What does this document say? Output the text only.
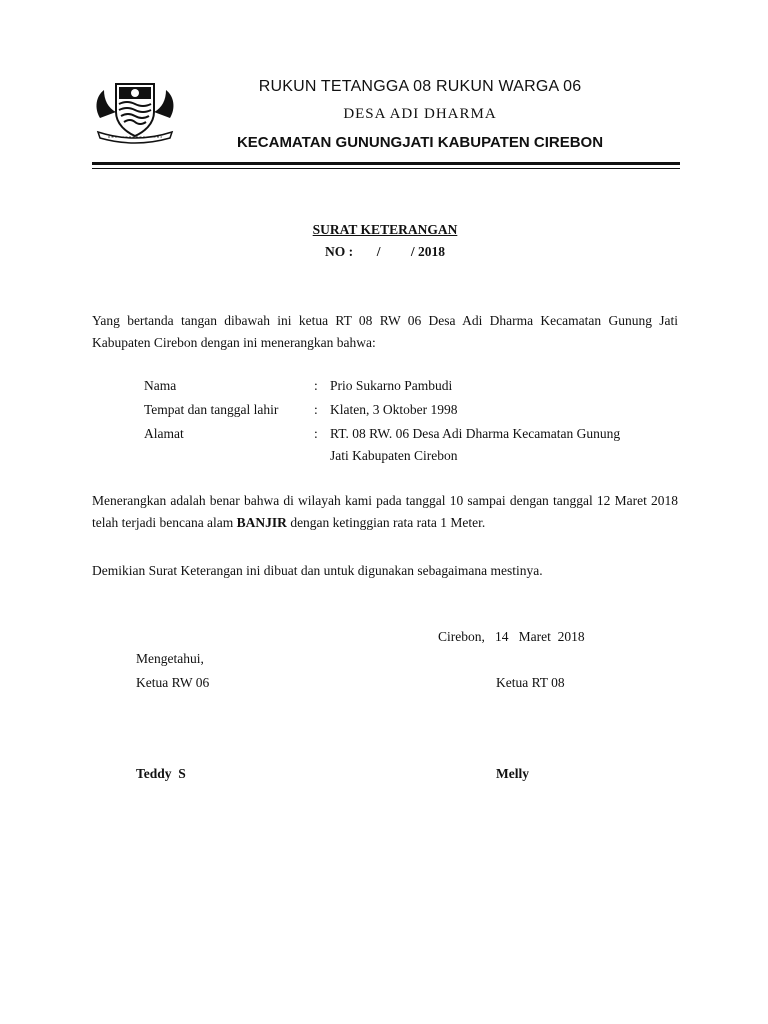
RUKUN TETANGGA 08 RUKUN WARGA 06
DESA ADI DHARMA
KECAMATAN GUNUNGJATI KABUPATEN CIREBON
SURAT KETERANGAN
NO :       /         / 2018
Yang bertanda tangan dibawah ini ketua RT 08 RW 06 Desa Adi Dharma Kecamatan Gunung Jati Kabupaten Cirebon dengan ini menerangkan bahwa:
Nama	: Prio Sukarno Pambudi
Tempat dan tanggal lahir	: Klaten, 3 Oktober 1998
Alamat	: RT. 08 RW. 06 Desa Adi Dharma Kecamatan Gunung
Jati Kabupaten Cirebon
Menerangkan adalah benar bahwa di wilayah kami pada tanggal 10 sampai dengan tanggal 12 Maret 2018 telah terjadi bencana alam BANJIR dengan ketinggian rata rata 1 Meter.
Demikian Surat Keterangan ini dibuat dan untuk digunakan sebagaimana mestinya.
Cirebon,   14   Maret  2018
Mengetahui,
Ketua RW 06	Ketua RT 08
Teddy  S	Melly
